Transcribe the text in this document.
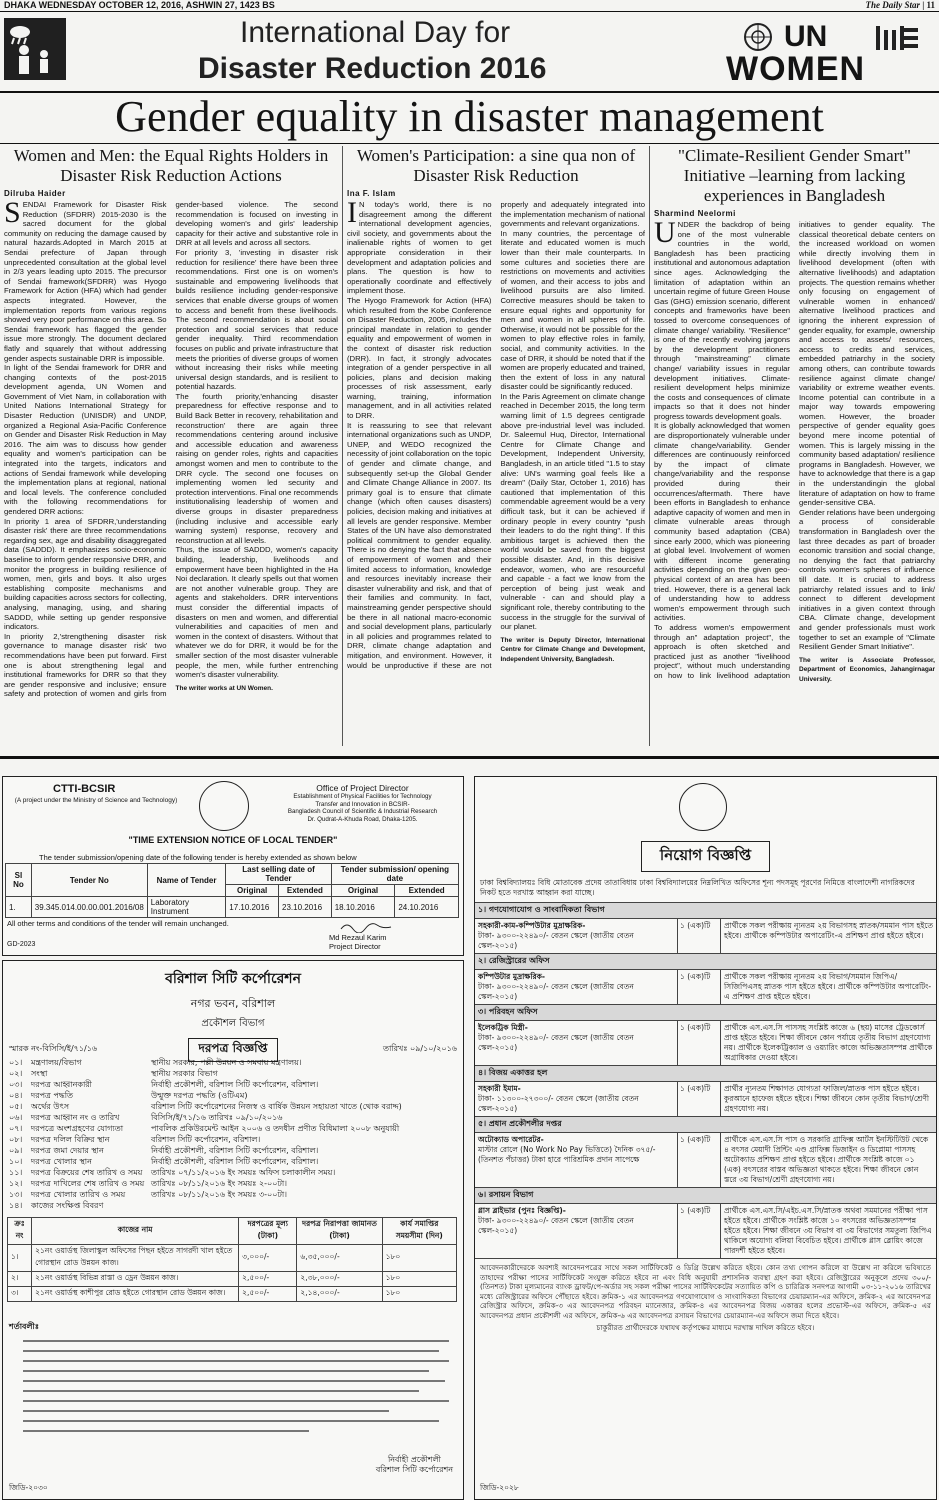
DHAKA WEDNESDAY OCTOBER 12, 2016, ASHWIN 27, 1423 BS	The Daily Star | 11
International Day for
Disaster Reduction 2016
UN
WOMEN
Gender equality in disaster management
Women and Men: the Equal Rights Holders in Disaster Risk Reduction Actions
Dilruba Haider

SENDAI Framework for Disaster Risk Reduction (SFDRR) 2015-2030 is the sacred document for the global community on reducing the damage caused by natural hazards.Adopted in March 2015 at Sendai prefecture of Japan through unprecedented consultation at the global level in 2/3 years leading upto 2015. The precursor of Sendai framework(SFDRR) was Hyogo Framework for Action (HFA) which had gender aspects integrated. However, the implementation reports from various regions showed very poor performance on this area. So Sendai framework has flagged the gender issue more strongly. The document declared flatly and squarely that without addressing gender aspects sustainable DRR is impossible.

In light of the Sendai framework for DRR and changing contexts of the post-2015 development agenda, UN Women and Government of Viet Nam, in collaboration with United Nations International Strategy for Disaster Reduction (UNISDR) and UNDP, organized a Regional Asia-Pacific Conference on Gender and Disaster Risk Reduction in May 2016. The aim was to discuss how gender equality and women's participation can be integrated into the targets, indicators and actions of Sendai framework while developing the implementation plans at regional, national and local levels. The conference concluded with the following recommendations for gendered DRR actions:

In priority 1 area of SFDRR,'understanding disaster risk' there are three recommendations regarding sex, age and disability disaggregated data (SADDD). It emphasizes socio-economic baseline to inform gender responsive DRR, and monitor the progress in building resilience of women, men, girls and boys. It also urges establishing composite mechanisms and building capacities across sectors for collecting, analysing, managing, using, and sharing SADDD, while setting up gender responsive indicators.

In priority 2,'strengthening disaster risk governance to manage disaster risk' two recommendations have been put forward. First one is about strengthening legal and institutional frameworks for DRR so that they are gender responsive and inclusive; ensure safety and protection of women and girls from gender-based violence. The second recommendation is focused on investing in developing women's and girls' leadership capacity for their active and substantive role in DRR at all levels and across all sectors.

For priority 3, 'investing in disaster risk reduction for resilience' there have been three recommendations. First one is on women's sustainable and empowering livelihoods that builds resilience including gender-responsive services that enable diverse groups of women to access and benefit from these livelihoods. The second recommendation is about social protection and social services that reduce gender inequality. Third recommendation focuses on public and private infrastructure that meets the priorities of diverse groups of women without increasing their risks while meeting universal design standards, and is resilient to potential hazards.

The fourth priority,'enhancing disaster preparedness for effective response and to Build Back Better in recovery, rehabilitation and reconstruction' there are again three recommendations centering around inclusive and accessible education and awareness raising on gender roles, rights and capacities amongst women and men to contribute to the DRR cycle. The second one focuses on implementing women led security and protection interventions. Final one recommends institutionalising leadership of women and diverse groups in disaster preparedness (including inclusive and accessible early warning system) response, recovery and reconstruction at all levels.

Thus, the issue of SADDD, women's capacity building, leadership, livelihoods and empowerment have been highlighted in the Ha Noi declaration. It clearly spells out that women are not another vulnerable group. They are agents and stakeholders. DRR interventions must consider the differential impacts of disasters on men and women, and differential vulnerabilities and capacities of men and women in the context of disasters. Without that whatever we do for DRR, it would be for the smaller section of the most disaster vulnerable people, the men, while further entrenching women's disaster vulnerability.

The writer works at UN Women.
Women's Participation: a sine qua non of Disaster Risk Reduction
Ina F. Islam

I N today's world, there is no disagreement among the different international development agencies, civil society, and governments about the inalienable rights of women to get appropriate consideration in their development and adaptation policies and plans. The question is how to operationally coordinate and effectively implement those.

The Hyogo Framework for Action (HFA) which resulted from the Kobe Conference on Disaster Reduction, 2005, includes the principal mandate in relation to gender equality and empowerment of women in the context of disaster risk reduction (DRR). In fact, it strongly advocates integration of a gender perspective in all policies, plans and decision making processes of risk assessment, early warning, training, information management, and in all activities related to DRR.

It is reassuring to see that relevant international organizations such as UNDP, UNEP, and WEDO recognized the necessity of joint collaboration on the topic of gender and climate change, and subsequently set-up the Global Gender and Climate Change Alliance in 2007. Its primary goal is to ensure that climate change (which often causes disasters) policies, decision making and initiatives at all levels are gender responsive. Member States of the UN have also demonstrated political commitment to gender equality. There is no denying the fact that absence of empowerment of women and their limited access to information, knowledge and resources inevitably increase their disaster vulnerability and risk, and that of their families and community. In fact, mainstreaming gender perspective should be there in all national macro-economic and social development plans, particularly in all policies and programmes related to DRR, climate change adaptation and mitigation, and environment. However, it would be unproductive if these are not properly and adequately integrated into the implementation mechanism of national governments and relevant organizations.

In many countries, the percentage of literate and educated women is much lower than their male counterparts. In some cultures and societies there are restrictions on movements and activities of women, and their access to jobs and livelihood pursuits are also limited. Corrective measures should be taken to ensure equal rights and opportunity for men and women in all spheres of life. Otherwise, it would not be possible for the women to play effective roles in family, social, and community activities. In the case of DRR, it should be noted that if the women are properly educated and trained, then the extent of loss in any natural disaster could be significantly reduced.

In the Paris Agreement on climate change reached in December 2015, the long term warning limit of 1.5 degrees centigrade above pre-industrial level was included. Dr. Saleemul Huq, Director, International Centre for Climate Change and Development, Independent University, Bangladesh, in an article titled "1.5 to stay alive: UN's warming goal feels like a dream" (Daily Star, October 1, 2016) has cautioned that implementation of this commendable agreement would be a very difficult task, but it can be achieved if ordinary people in every country "push their leaders to do the right thing". If this ambitious target is achieved then the world would be saved from the biggest possible disaster. And, in this decisive endeavor, women, who are resourceful and capable - a fact we know from the perception of being just weak and vulnerable - can and should play a significant role, thereby contributing to the success in the struggle for the survival of our planet.

The writer is Deputy Director, International Centre for Climate Change and Development, Independent University, Bangladesh.
"Climate-Resilient Gender Smart" Initiative –learning from lacking experiences in Bangladesh
Sharmind Neelormi

UNDER the backdrop of being one of the most vulnerable countries in the world, Bangladesh has been practicing institutional and autonomous adaptation since ages. Acknowledging the limitation of adaptation within an uncertain regime of future Green House Gas (GHG) emission scenario, different concepts and frameworks have been tossed to overcome consequences of climate change/ variability. "Resilience" is one of the recently evolving jargons by the development practitioners through "mainstreaming" climate change/ variability issues in regular development initiatives. Climate-resilient development helps minimize the costs and consequences of climate impacts so that it does not hinder progress towards development goals.

It is globally acknowledged that women are disproportionately vulnerable under climate change/variability. Gender differences are continuously reinforced by the impact of climate change/variability and the response provided during their occurrences/aftermath. There have been efforts in Bangladesh to enhance adaptive capacity of women and men in climate vulnerable areas through community based adaptation (CBA) since early 2000, which was pioneering at global level. Involvement of women with different income generating activities depending on the given geo-physical context of an area has been tried. However, there is a general lack of understanding how to address women's empowerment through such activities.

To address women's empowerment through an" adaptation project", the approach is often sketched and practiced just as another "livelihood project", without much understanding on how to link livelihood adaptation initiatives to gender equality. The classical theoretical debate centers on the increased workload on women while directly involving them in livelihood development (often with alternative livelihoods) and adaptation projects. The question remains whether only focusing on engagement of vulnerable women in enhanced/ alternative livelihood practices and ignoring the inherent expression of gender equality, for example, ownership and access to assets/ resources, access to credits and services, embedded patriarchy in the society among others, can contribute towards resilience against climate change/ variability or extreme weather events. Income potential can contribute in a major way towards empowering women. However, the broader perspective of gender equality goes beyond mere income potential of women. This is largely missing in the community based adaptation/ resilience programs in Bangladesh. However, we have to acknowledge that there is a gap in the understandingin the global literature of adaptation on how to frame gender-sensitive CBA.

Gender relations have been undergoing a process of considerable transformation in Bangladesh over the last three decades as part of broader economic transition and social change, no denying the fact that patriarchy controls women's spheres of influence till date. It is crucial to address patriarchy related issues and to link/ connect to different development initiatives in a given context through CBA. Climate change, development and gender professionals must work together to set an example of "Climate Resilient Gender Smart Initiative".

The writer is Associate Professor, Department of Economics, Jahangirnagar University.
CTTI-BCSIR
(A project under the Ministry of Science and Technology)
Office of Project Director
Establishment of Physical Facilities for Technology
Transfer and Innovation in BCSIR-
Bangladesh Council of Scientific & Industrial Research
Dr. Qudrat-A-Khuda Road, Dhaka-1205.
"TIME EXTENSION NOTICE OF LOCAL TENDER"
The tender submission/opening date of the following tender is hereby extended as shown below
Sl No	Tender No	Name of Tender	Last selling date of Tender		Tender submission/ opening date	
			Original	Extended	Original	Extended
1.	39.345.014.00.00.001.2016/08	Laboratory Instrument	17.10.2016	23.10.2016	18.10.2016	24.10.2016
All other terms and conditions of the tender will remain unchanged.
Md Rezaul Karim
Project Director
GD-2023
বরিশাল সিটি কর্পোরেশন
নগর ভবন, বরিশাল
প্রকৌশল বিভাগ
দরপত্র বিজ্ঞপ্তি
স্মারক নং-বিসিসি/ই/৭১/১৬	তারিখঃ ০৯/১০/২০১৬
০১।	মন্ত্রণালয়/বিভাগ	স্থানীয় সরকার, পল্লী উন্নয়ন ও সমবায় মন্ত্রণালয়।
০২।	সংস্থা	স্থানীয় সরকার বিভাগ
০৩।	দরপত্র আহ্বানকারী	নির্বাহী প্রকৌশলী, বরিশাল সিটি কর্পোরেশন, বরিশাল।
০৪।	দরপত্র পদ্ধতি	উন্মুক্ত দরপত্র পদ্ধতি (ওটিএম)
০৫।	অর্থের উৎস	বরিশাল সিটি কর্পোরেশনের নিজস্ব ও বার্ষিক উন্নয়ন সহায়তা খাতে (থোক বরাদ্দ)
০৬।	দরপত্র আহ্বান নং ও তারিখ	বিসিসি/ই/৭১/১৬ তারিখঃ ০৯/১০/২০১৬
০৭।	দরপত্রে অংশগ্রহণের যোগ্যতা	পাবলিক প্রকিউরমেন্ট আইন ২০০৬ ও তদধীন প্রণীত বিধিমালা ২০০৮ অনুযায়ী
০৮।	দরপত্র দলিল বিক্রির স্থান	বরিশাল সিটি কর্পোরেশন, বরিশাল।
০৯।	দরপত্র জমা দেয়ার স্থান	নির্বাহী প্রকৌশলী, বরিশাল সিটি কর্পোরেশন, বরিশাল।
১০।	দরপত্র খোলার স্থান	নির্বাহী প্রকৌশলী, বরিশাল সিটি কর্পোরেশন, বরিশাল।
১১।	দরপত্র বিক্রয়ের শেষ তারিখ ও সময়	তারিখঃ ০৭/১১/২০১৬ ইং সময়ঃ অফিস চলাকালীন সময়।
১২।	দরপত্র দাখিলের শেষ তারিখ ও সময় তারিখঃ ০৮/১১/২০১৬ ইং সময়ঃ ২-০০টা।
১৩।	দরপত্র খোলার তারিখ ও সময়	তারিখঃ ০৮/১১/২০১৬ ইং সময়ঃ ৩-০০টা।
১৪।	কাজের সংক্ষিপ্ত বিবরণ
ক্রঃ নং	কাজের নাম	দরপত্রের মূল্য (টাকা)	দরপত্র নিরাপত্তা জামানত (টাকা)	কার্য সমাপ্তির সময়সীমা (দিন)
১।	২১নং ওয়ার্ডস্থ জিলাস্কুল অফিসের পিছন হইতে সাগরদী খাল হইতে গোরস্থান রোড উন্নয়ন কাজ।	৩,০০০/-	৬,৩৫,০০০/-	১৮০
২।	২১নং ওয়ার্ডস্থ বিভিন্ন রাস্তা ও ড্রেন উন্নয়ন কাজ।	২,৫০০/-	২,৩৮,০০০/-	১৮০
৩।	২১নং ওয়ার্ডস্থ কাশীপুর রোড হইতে গোরস্থান রোড উন্নয়ন কাজ।	২,৫০০/-	২,১৪,০০০/-	১৮০
শর্তাবলীঃ
নির্বাহী প্রকৌশলী
বরিশাল সিটি কর্পোরেশন
জিডি-২০৩০
নিয়োগ বিজ্ঞপ্তি
ঢাকা বিশ্ববিদ্যালয়ঃ বিধি মোতাবেক প্রদেয় তাতাবিধায় ঢাকা বিশ্ববিদ্যালয়ের নিম্নলিখিত অফিসের শূন্য পদসমূহ পূরণের নিমিত্তে বাংলাদেশী নাগরিকদের নিকট হতে দরখাস্ত আহ্বান করা যাচ্ছে।
১। গণযোগাযোগ ও সাংবাদিকতা বিভাগ
সহকারী-কাম-কম্পিউটার মুদ্রাক্ষরিক-
টাকা- ৯৩০০-২২৪৯০/- বেতন স্কেলে (জাতীয় বেতন স্কেল-২০১৫)
১ (এক)টি	প্রার্থীকে সকল পরীক্ষায় ন্যূনতম ২য় বিভাগসহ স্নাতক/সমমান পাস হইতে হইবে। প্রার্থীকে কম্পিউটার অপারেটিং-এ প্রশিক্ষণ প্রাপ্ত হইতে হইবে।
২। রেজিস্ট্রারের অফিস
কম্পিউটার মুদ্রাক্ষরিক-
টাকা- ৯৩০০-২২৪৯০/- বেতন স্কেলে (জাতীয় বেতন স্কেল-২০১৫)
১ (এক)টি	প্রার্থীকে সকল পরীক্ষায় ন্যূনতম ২য় বিভাগ/সমমান জিপিএ/সিজিপিএসহ স্নাতক পাস হইতে হইবে। প্রার্থীকে কম্পিউটার অপারেটিং-এ প্রশিক্ষণ প্রাপ্ত হইতে হইবে।
৩। পরিবহন অফিস
ইলেকট্রিক মিস্ত্রী-
টাকা- ৯৩০০-২২৪৯০/- বেতন স্কেলে (জাতীয় বেতন স্কেল-২০১৫)
১ (এক)টি	প্রার্থীকে এস.এস.সি পাসসহ সংশ্লিষ্ট কাজে ৬ (ছয়) মাসের ট্রেডকোর্স প্রাপ্ত হইতে হইবে। শিক্ষা জীবনে কোন পর্যায়ে তৃতীয় বিভাগ গ্রহণযোগ্য নয়। প্রার্থীকে ইলেকট্রিক্যাল ও ওয়্যারিং কাজে অভিজ্ঞতাসম্পন্ন প্রার্থীকে অগ্রাধিকার দেওয়া হইবে।
৪। বিজয় একাত্তর হল
সহকারী ইমাম-
টাকা- ১১৩০০-২৭৩০০/- বেতন স্কেলে (জাতীয় বেতন স্কেল-২০১৫)
১ (এক)টি	প্রার্থীর ন্যূনতম শিক্ষাগত যোগ্যতা ফাজিল/স্নাতক পাস হইতে হইবে। কুরআনে হাফেজ হইতে হইবে। শিক্ষা জীবনে কোন তৃতীয় বিভাগ/শ্রেণী গ্রহণযোগ্য নয়।
৫। প্রধান প্রকৌশলীর দপ্তর
অটোক্যাড অপারেটর-
মাস্টার রোলে (No Work No Pay ভিত্তিতে) দৈনিক ৩৭৫/- (তিনশত পঁচাত্তর) টাকা হারে পারিশ্রমিক প্রদান সাপেক্ষে
১ (এক)টি	প্রার্থীকে এস.এস.সি পাস ও সরকারি গ্রাফিক্স আর্টস ইনস্টিটিউট থেকে ৪ বৎসর মেয়াদী প্রিন্টিং এণ্ড গ্রাফিক্স ডিজাইন ও ডিপ্লোমা পাসসহ অটোক্যাড প্রশিক্ষণ প্রাপ্ত হইতে হইবে। প্রার্থীকে সংশ্লিষ্ট কাজে ০১ (এক) বৎসরের বাস্তব অভিজ্ঞতা থাকতে হইবে। শিক্ষা জীবনে কোন স্তরে ৩য় বিভাগ/শ্রেণী গ্রহণযোগ্য নয়।
৬। রসায়ন বিভাগ
গ্লাস ব্লাইভার (পুনঃ বিজ্ঞপ্তি)-
টাকা- ৯৩০০-২২৪৯০/- বেতন স্কেলে (জাতীয় বেতন স্কেল-২০১৫)
১ (এক)টি	প্রার্থীকে এস.এস.সি/এইচ.এস.সি/স্নাতক অথবা সমমানের পরীক্ষা পাস হইতে হইবে। প্রার্থীকে সংশ্লিষ্ট কাজে ১০ বৎসরের অভিজ্ঞতাসম্পন্ন হইতে হইবে। শিক্ষা জীবনে ৩য় বিভাগ বা ৩য় বিভাগের সমতুল্য জিপিএ থাকিলে অযোগ্য বলিয়া বিবেচিত হইবে। প্রার্থীকে গ্লাস ব্লোয়িং কাজে পারদর্শী হইতে হইবে।
আবেদনকারীদেরকে অবশ্যই আবেদনপত্রের সাথে সকল সার্টিফিকেট ও ডিগ্রি উল্লেখ করিতে হইবে। কোন তথ্য গোপন করিলে বা উল্লেখ না করিলে ভবিষ্যতে তাহাদের পরীক্ষা পাসের সার্টিফিকেট সংযুক্ত করিতে হইবে না এবং বিধি অনুযায়ী প্রশাসনিক ব্যবস্থা গ্রহণ করা হইবে। রেজিস্ট্রারের অনুকূলে প্রদেয় ৩০০/- (তিনশত) টাকা মূল্যমানের ব্যাংক ড্রাফট/পে-অর্ডার সহ সকল পরীক্ষা পাসের সার্টিফিকেটের সত্যায়িত কপি ও চারিত্রিক সনদপত্র আগামী ০৩-১১-২০১৬ তারিখের মধ্যে রেজিস্ট্রারের অফিসে পৌঁছাতে হইবে। ক্রমিক-১ এর আবেদনপত্র গণযোগাযোগ ও সাংবাদিকতা বিভাগের চেয়ারম্যান-এর অফিসে, ক্রমিক-২ এর আবেদনপত্র রেজিস্ট্রার অফিসে, ক্রমিক-৩ এর আবেদনপত্র পরিবহন ম্যানেজার, ক্রমিক-৪ এর আবেদনপত্র বিজয় একাত্তর হলের প্রভোস্ট-এর অফিসে, ক্রমিক-৫ এর আবেদনপত্র প্রধান প্রকৌশলী এর অফিসে, ক্রমিক-৬ এর আবেদনপত্র রসায়ন বিভাগের চেয়ারম্যান-এর অফিসে জমা দিতে হইবে।
চাকুরীরত প্রার্থীদেরকে যথাযথ কর্তৃপক্ষের মাধ্যমে দরখাস্ত দাখিল করিতে হইবে।
জিডি-২০২৮
